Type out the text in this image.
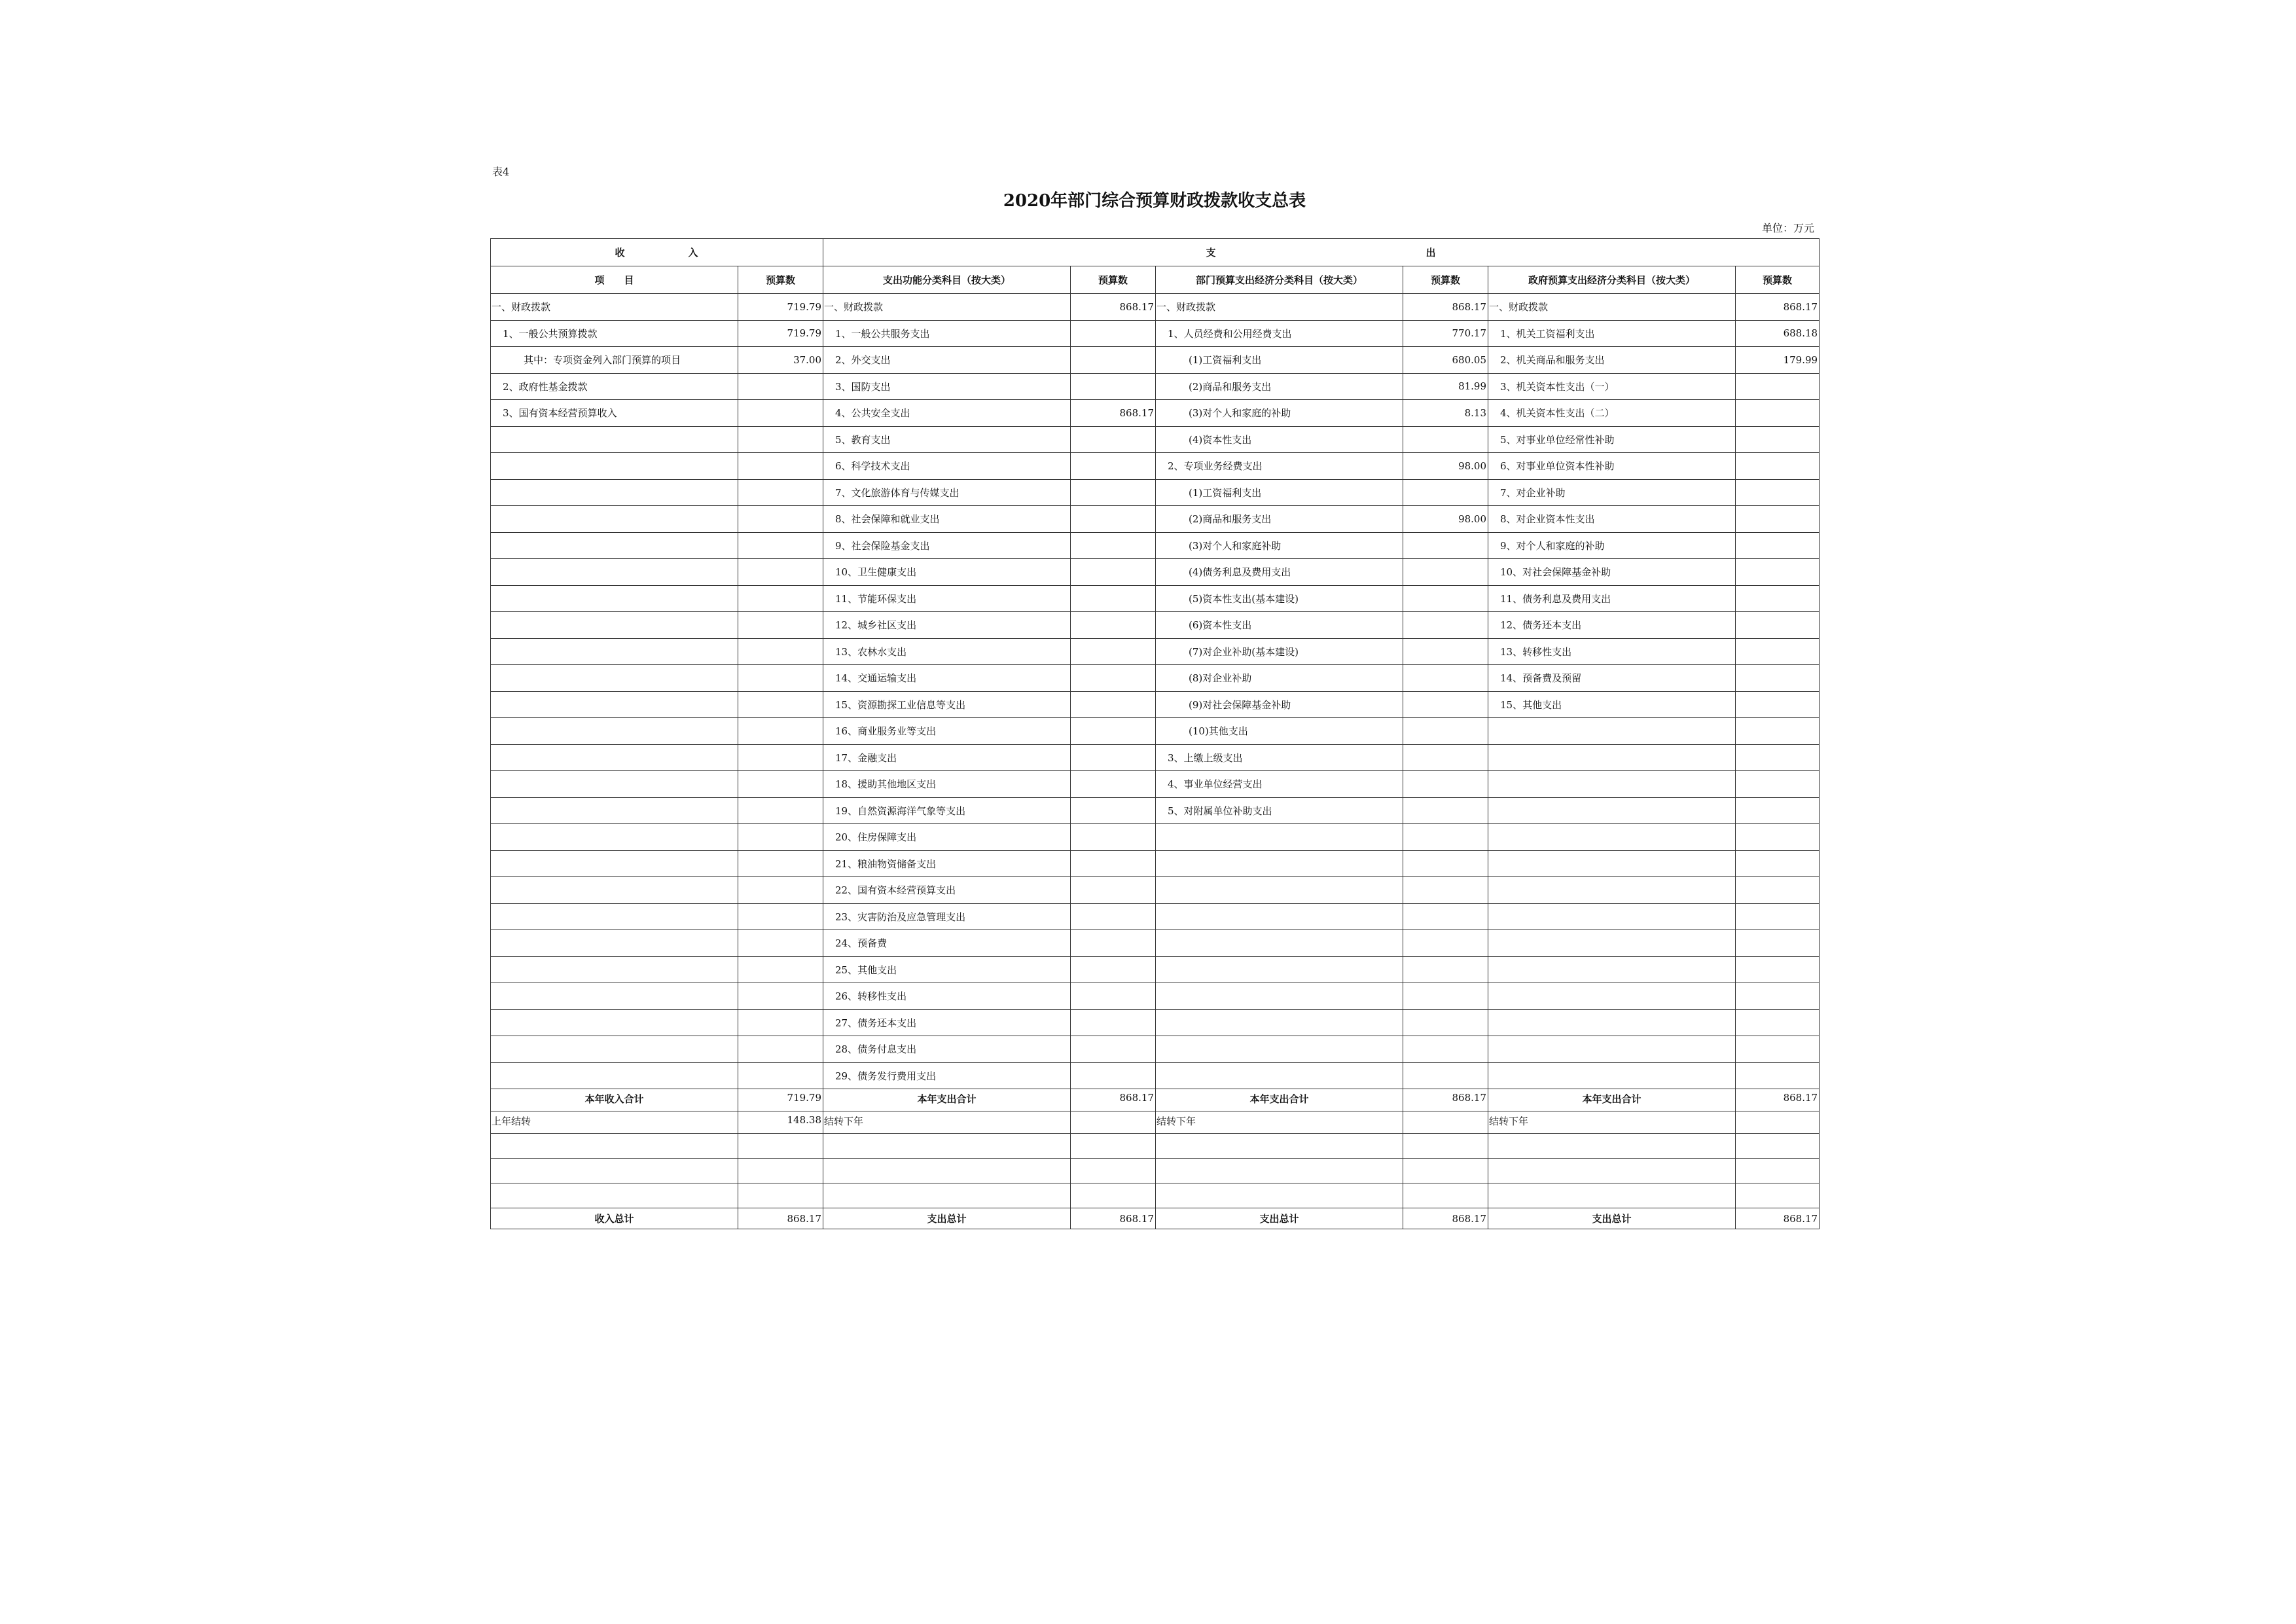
表4
2020年部门综合预算财政拨款收支总表
单位：万元
收　　　　　　入		支　　　　　　　　　　　　　　　　　　　　出					
项　　目	预算数	支出功能分类科目（按大类）	预算数	部门预算支出经济分类科目（按大类）	预算数	政府预算支出经济分类科目（按大类）	预算数
一、财政拨款	719.79	一、财政拨款	868.17	一、财政拨款	868.17	一、财政拨款	868.17
1、一般公共预算拨款	719.79	1、一般公共服务支出		1、人员经费和公用经费支出	770.17	1、机关工资福利支出	688.18
其中：专项资金列入部门预算的项目	37.00	2、外交支出		(1)工资福利支出	680.05	2、机关商品和服务支出	179.99
2、政府性基金拨款		3、国防支出		(2)商品和服务支出	81.99	3、机关资本性支出（一）	
3、国有资本经营预算收入		4、公共安全支出	868.17	(3)对个人和家庭的补助	8.13	4、机关资本性支出（二）	
		5、教育支出		(4)资本性支出		5、对事业单位经常性补助	
		6、科学技术支出		2、专项业务经费支出	98.00	6、对事业单位资本性补助	
		7、文化旅游体育与传媒支出		(1)工资福利支出		7、对企业补助	
		8、社会保障和就业支出		(2)商品和服务支出	98.00	8、对企业资本性支出	
		9、社会保险基金支出		(3)对个人和家庭补助		9、对个人和家庭的补助	
		10、卫生健康支出		(4)债务利息及费用支出		10、对社会保障基金补助	
		11、节能环保支出		(5)资本性支出(基本建设)		11、债务利息及费用支出	
		12、城乡社区支出		(6)资本性支出		12、债务还本支出	
		13、农林水支出		(7)对企业补助(基本建设)		13、转移性支出	
		14、交通运输支出		(8)对企业补助		14、预备费及预留	
		15、资源勘探工业信息等支出		(9)对社会保障基金补助		15、其他支出	
		16、商业服务业等支出		(10)其他支出			
		17、金融支出		3、上缴上级支出			
		18、援助其他地区支出		4、事业单位经营支出			
		19、自然资源海洋气象等支出		5、对附属单位补助支出			
		20、住房保障支出					
		21、粮油物资储备支出					
		22、国有资本经营预算支出					
		23、灾害防治及应急管理支出					
		24、预备费					
		25、其他支出					
		26、转移性支出					
		27、债务还本支出					
		28、债务付息支出					
		29、债务发行费用支出					
本年收入合计	719.79	本年支出合计	868.17	本年支出合计	868.17	本年支出合计	868.17
上年结转	148.38	结转下年		结转下年		结转下年	

收入总计	868.17	支出总计	868.17	支出总计	868.17	支出总计	868.17
